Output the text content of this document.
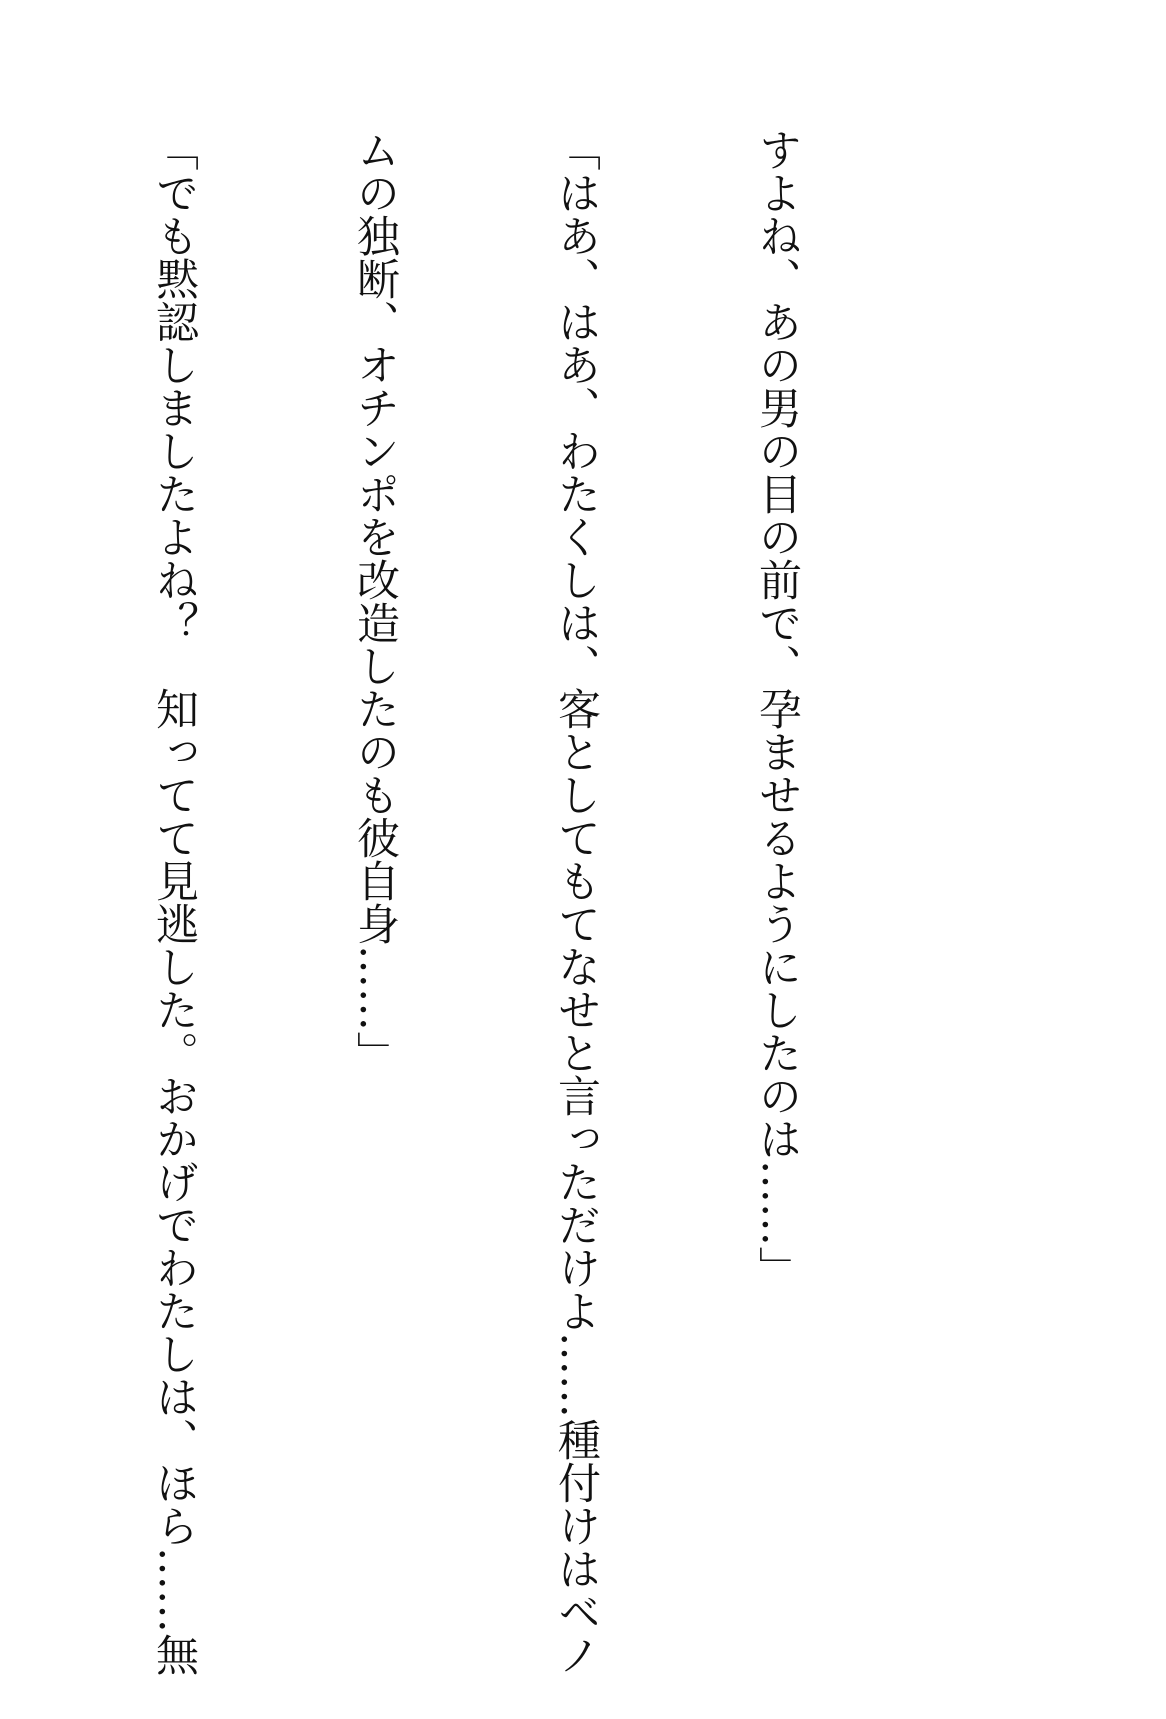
すよね、あの男の目の前で、孕ませるようにしたのは……」

「はあ、はあ、わたくしは、客としてもてなせと言っただけよ……種付けはベノ

ムの独断、オチンポを改造したのも彼自身……」

「でも黙認しましたよね？　知ってて見逃した。おかげでわたしは、ほら……無
